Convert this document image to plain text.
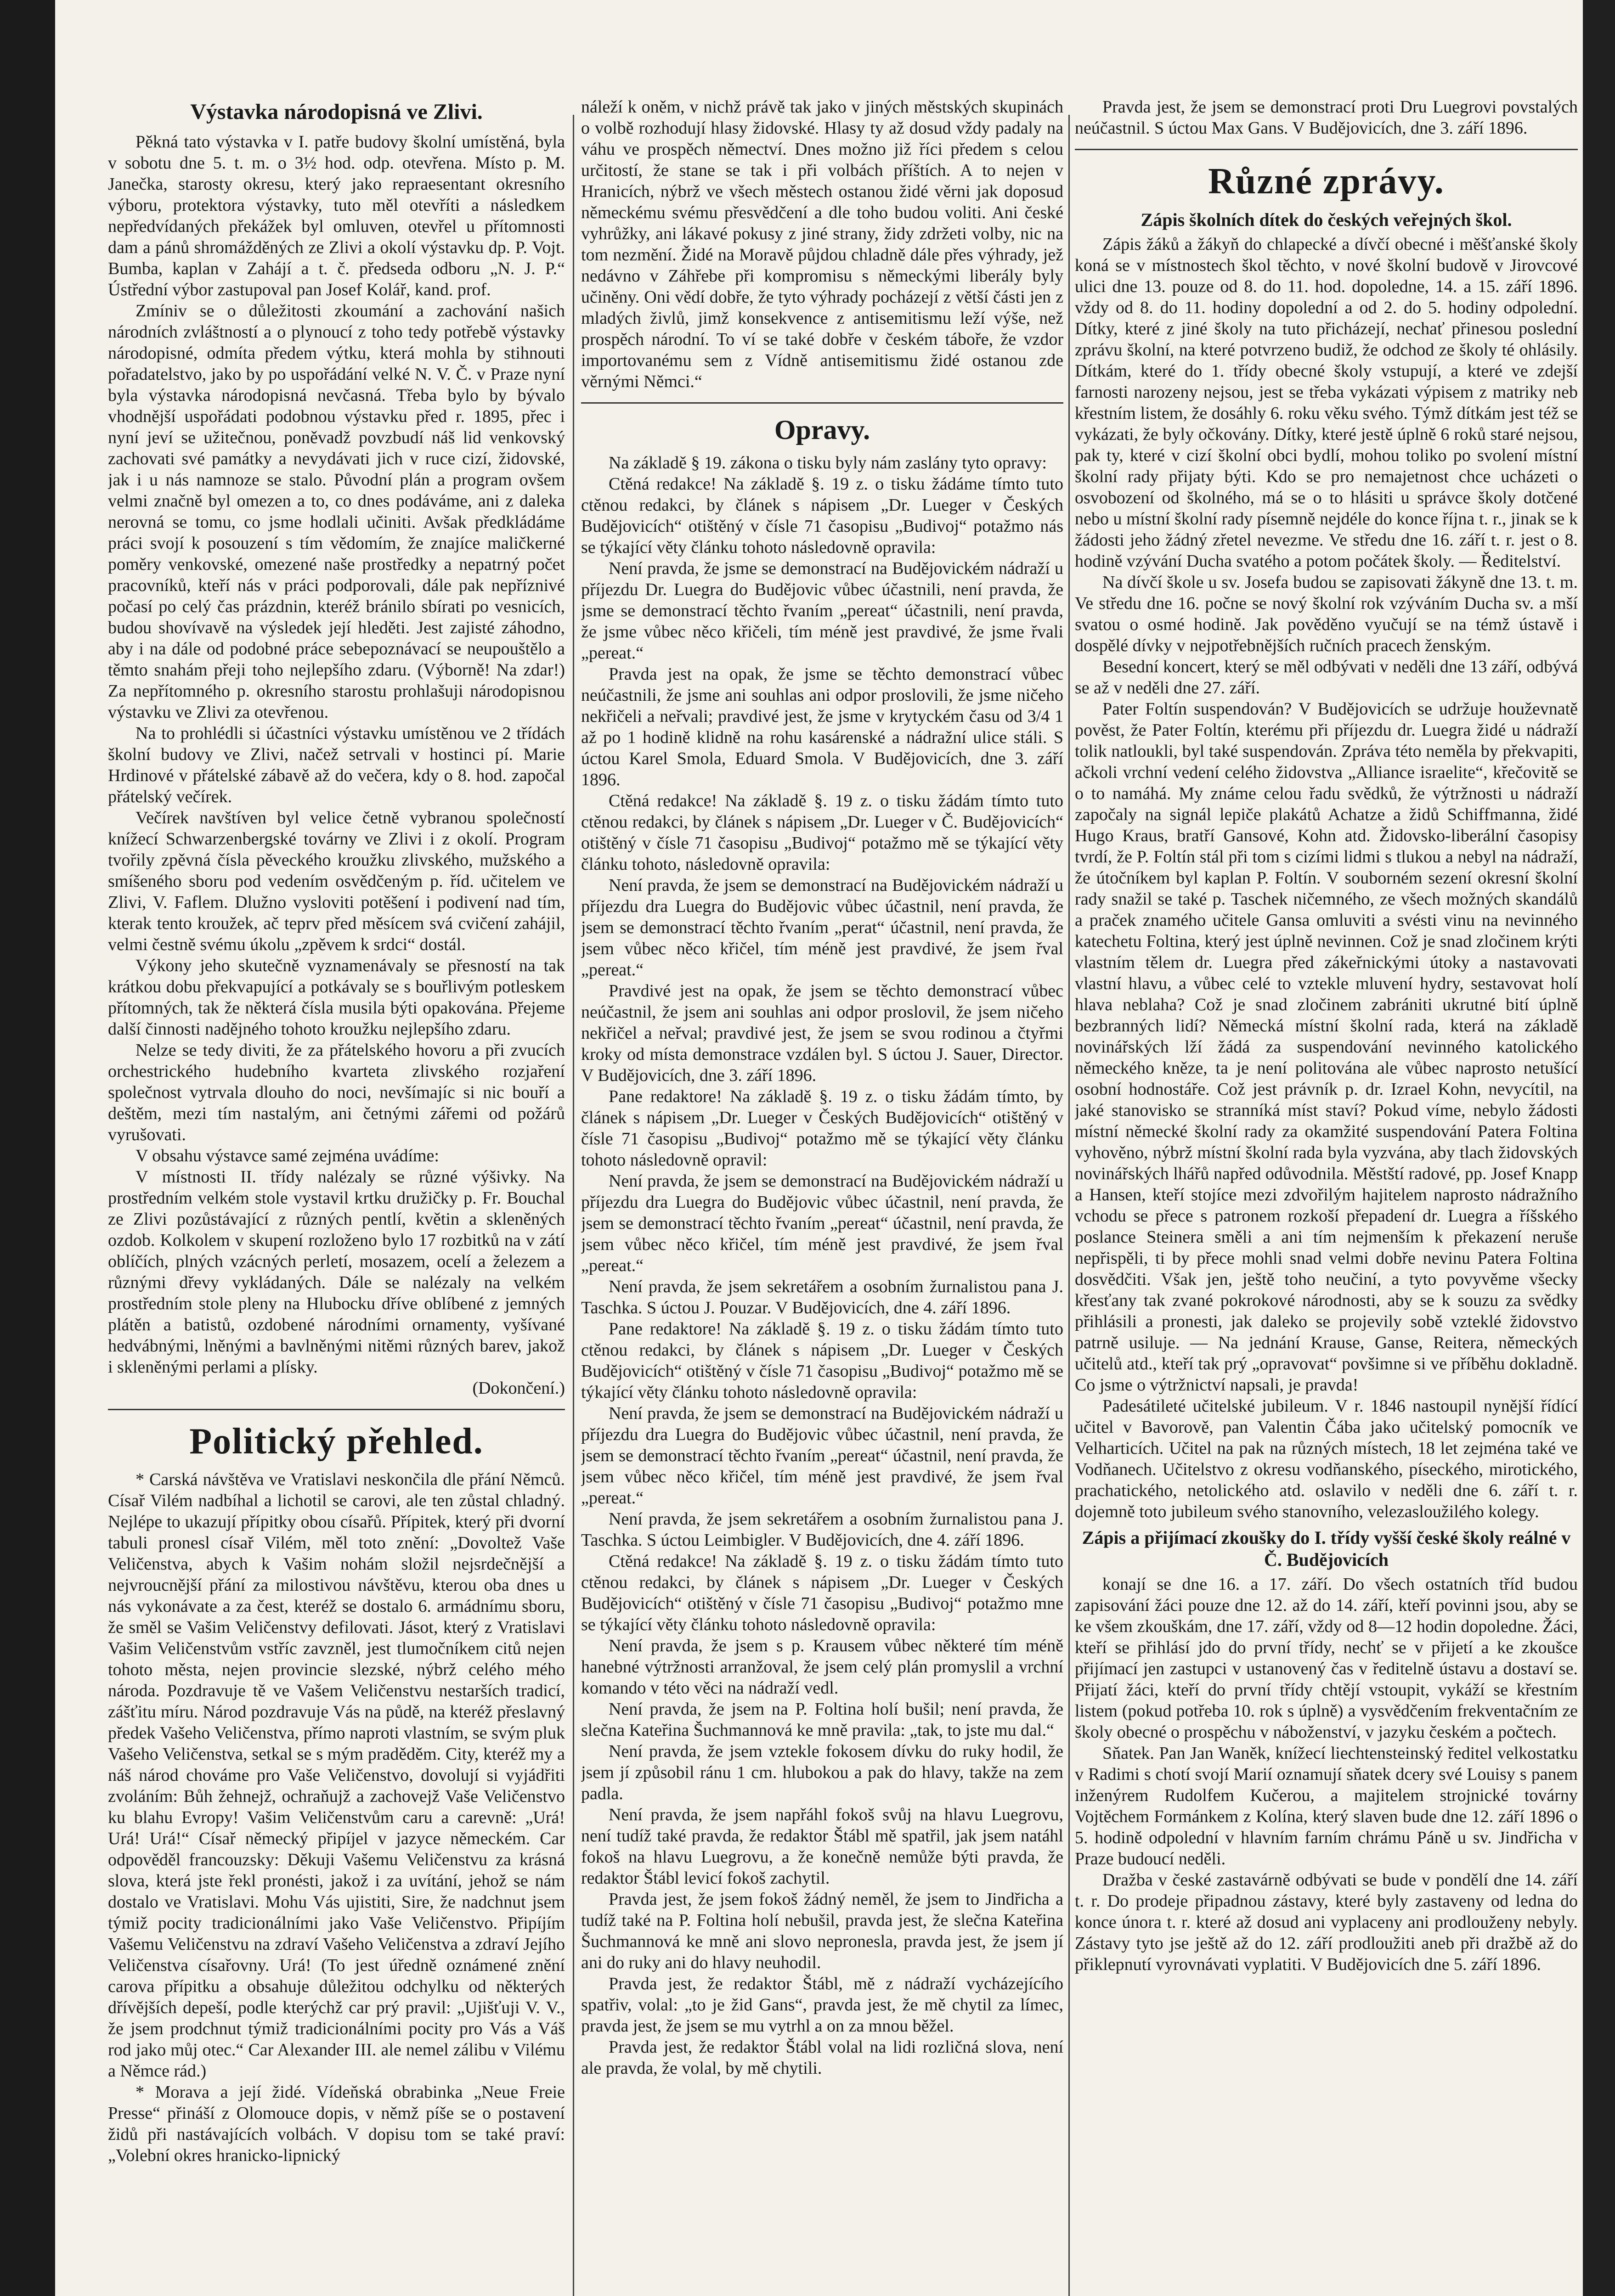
Výstavka národopisná ve Zlivi.

Pěkná tato výstavka v I. patře budovy školní umístěná, byla v sobotu dne 5. t. m. o 3½ hod. odp. otevřena. Místo p. M. Janečka, starosty okresu, který jako repraesentant okresního výboru, protektora výstavky, tuto měl otevříti a následkem nepředvídaných překážek byl omluven, otevřel u přítomnosti dam a pánů shromážděných ze Zlivi a okolí výstavku dp. P. Vojt. Bumba, kaplan v Zahájí a t. č. předseda odboru „N. J. P.“ Ústřední výbor zastupoval pan Josef Kolář, kand. prof.

Zmíniv se o důležitosti zkoumání a zachování našich národních zvláštností a o plynoucí z toho tedy potřebě výstavky národopisné, odmíta předem výtku, která mohla by stihnouti pořadatelstvo, jako by po uspořádání velké N. V. Č. v Praze nyní byla výstavka národopisná nevčasná. Třeba bylo by bývalo vhodnější uspořádati podobnou výstavku před r. 1895, přec i nyní jeví se užitečnou, poněvadž povzbudí náš lid venkovský zachovati své památky a nevydávati jich v ruce cizí, židovské, jak i u nás namnoze se stalo. Původní plán a program ovšem velmi značně byl omezen a to, co dnes podáváme, ani z daleka nerovná se tomu, co jsme hodlali učiniti. Avšak předkládáme práci svojí k posouzení s tím vědomím, že znajíce maličkerné poměry venkovské, omezené naše prostředky a nepatrný počet pracovníků, kteří nás v práci podporovali, dále pak nepříznivé počasí po celý čas prázdnin, kteréž bránilo sbírati po vesnicích, budou shovívavě na výsledek její hleděti. Jest zajisté záhodno, aby i na dále od podobné práce sebepoznávací se neupouštělo a těmto snahám přeji toho nejlepšího zdaru. (Výborně! Na zdar!) Za nepřítomného p. okresního starostu prohlašuji národopisnou výstavku ve Zlivi za otevřenou.

Na to prohlédli si účastníci výstavku umístěnou ve 2 třídách školní budovy ve Zlivi, načež setrvali v hostinci pí. Marie Hrdinové v přátelské zábavě až do večera, kdy o 8. hod. započal přátelský večírek.

Večírek navštíven byl velice četně vybranou společností knížecí Schwarzenbergské továrny ve Zlivi i z okolí. Program tvořily zpěvná čísla pěveckého kroužku zlivského, mužského a smíšeného sboru pod vedením osvědčeným p. říd. učitelem ve Zlivi, V. Faflem. Dlužno vysloviti potěšení i podivení nad tím, kterak tento kroužek, ač teprv před měsícem svá cvičení zahájil, velmi čestně svému úkolu „zpěvem k srdci“ dostál.

Výkony jeho skutečně vyznamenávaly se přesností na tak krátkou dobu překvapující a potkávaly se s bouřlivým potleskem přítomných, tak že některá čísla musila býti opakována. Přejeme další činnosti nadějného tohoto kroužku nejlepšího zdaru.

Nelze se tedy diviti, že za přátelského hovoru a při zvucích orchestrického hudebního kvarteta zlivského rozjaření společnost vytrvala dlouho do noci, nevšímajíc si nic bouří a deštěm, mezi tím nastalým, ani četnými zářemi od požárů vyrušovati.

V obsahu výstavce samé zejména uvádíme:

V místnosti II. třídy nalézaly se různé výšivky. Na prostředním velkém stole vystavil krtku družičky p. Fr. Bouchal ze Zlivi pozůstávající z různých pentlí, květin a skleněných ozdob. Kolkolem v skupení rozloženo bylo 17 rozbitků na v zátí oblíčích, plných vzácných perletí, mosazem, ocelí a železem a různými dřevy vykládaných. Dále se nalézaly na velkém prostředním stole pleny na Hlubocku dříve oblíbené z jemných plátěn a batistů, ozdobené národními ornamenty, vyšívané hedvábnými, lněnými a bavlněnými nitěmi různých barev, jakož i skleněnými perlami a plísky.

(Dokončení.)
Politický přehled.

* Carská návštěva ve Vratislavi neskončila dle přání Němců. Císař Vilém nadbíhal a lichotil se carovi, ale ten zůstal chladný. Nejlépe to ukazují přípitky obou císařů. Přípitek, který při dvorní tabuli pronesl císař Vilém, měl toto znění: „Dovoltež Vaše Veličenstva, abych k Vašim nohám složil nejsrdečnější a nejvroucnější přání za milostivou návštěvu, kterou oba dnes u nás vykonávate a za čest, kteréž se dostalo 6. armádnímu sboru, že směl se Vašim Veličenstvy defilovati. Jásot, který z Vratislavi Vašim Veličenstvům vstříc zavzněl, jest tlumočníkem citů nejen tohoto města, nejen provincie slezské, nýbrž celého mého národa. Pozdravuje tě ve Vašem Veličenstvu nestarších tradicí, zášťitu míru. Národ pozdravuje Vás na půdě, na kteréž přeslavný předek Vašeho Veličenstva, přímo naproti vlastním, se svým pluk Vašeho Veličenstva, setkal se s mým praděděm. City, kteréž my a náš národ chováme pro Vaše Veličenstvo, dovolují si vyjádřiti zvoláním: Bůh žehnejž, ochraňujž a zachovejž Vaše Veličenstvo ku blahu Evropy! Vašim Veličenstvům caru a carevně: „Urá! Urá! Urá!“ Císař německý připíjel v jazyce německém. Car odpověděl francouzsky: Děkuji Vašemu Veličenstvu za krásná slova, která jste řekl pronésti, jakož i za uvítání, jehož se nám dostalo ve Vratislavi. Mohu Vás ujistiti, Sire, že nadchnut jsem týmiž pocity tradicionálními jako Vaše Veličenstvo. Připíjím Vašemu Veličenstvu na zdraví Vašeho Veličenstva a zdraví Jejího Veličenstva císařovny. Urá! (To jest úředně oznámené znění carova přípitku a obsahuje důležitou odchylku od některých dřívějších depeší, podle kterýchž car prý pravil: „Ujišťuji V. V., že jsem prodchnut týmiž tradicionálními pocity pro Vás a Váš rod jako můj otec.“ Car Alexander III. ale nemel zálibu v Vilému a Němce rád.)

* Morava a její židé. Vídeňská obrabinka „Neue Freie Presse“ přináší z Olomouce dopis, v němž píše se o postavení židů při nastávajících volbách. V dopisu tom se také praví: „Volební okres hranicko-lipnický

náleží k oněm, v nichž právě tak jako v jiných městských skupinách o volbě rozhodují hlasy židovské. Hlasy ty až dosud vždy padaly na váhu ve prospěch němectví. Dnes možno již říci předem s celou určitostí, že stane se tak i při volbách příštích. A to nejen v Hranicích, nýbrž ve všech městech ostanou židé věrni jak doposud německému svému přesvědčení a dle toho budou voliti. Ani české vyhrůžky, ani lákavé pokusy z jiné strany, židy zdržeti volby, nic na tom nezmění. Židé na Moravě půjdou chladně dále přes výhrady, jež nedávno v Záhřebe při kompromisu s německými liberály byly učiněny. Oni vědí dobře, že tyto výhrady pocházejí z větší části jen z mladých živlů, jimž konsekvence z antisemitismu leží výše, než prospěch národní. To ví se také dobře v českém táboře, že vzdor importovanému sem z Vídně antisemitismu židé ostanou zde věrnými Němci.“

Opravy.

Na základě § 19. zákona o tisku byly nám zaslány tyto opravy:

Ctěná redakce! Na základě §. 19 z. o tisku žádáme tímto tuto ctěnou redakci, by článek s nápisem „Dr. Lueger v Českých Budějovicích“ otištěný v čísle 71 časopisu „Budivoj“ potažmo nás se týkající věty článku tohoto následovně opravila:

Není pravda, že jsme se demonstrací na Budějovickém nádraží u příjezdu Dr. Luegra do Budějovic vůbec účastnili, není pravda, že jsme se demonstrací těchto řvaním „pereat“ účastnili, není pravda, že jsme vůbec něco křičeli, tím méně jest pravdivé, že jsme řvali „pereat.“

Pravda jest na opak, že jsme se těchto demonstrací vůbec neúčastnili, že jsme ani souhlas ani odpor proslovili, že jsme ničeho nekřičeli a neřvali; pravdivé jest, že jsme v krytyckém času od 3/4 1 až po 1 hodině klidně na rohu kasárenské a nádražní ulice stáli. S úctou Karel Smola, Eduard Smola. V Budějovicích, dne 3. září 1896.

Ctěná redakce! Na základě §. 19 z. o tisku žádám tímto tuto ctěnou redakci, by článek s nápisem „Dr. Lueger v Č. Budějovicích“ otištěný v čísle 71 časopisu „Budivoj“ potažmo mě se týkající věty článku tohoto, následovně opravila:

Není pravda, že jsem se demonstrací na Budějovickém nádraží u příjezdu dra Luegra do Budějovic vůbec účastnil, není pravda, že jsem se demonstrací těchto řvaním „perat“ účastnil, není pravda, že jsem vůbec něco křičel, tím méně jest pravdivé, že jsem řval „pereat.“

Pravdivé jest na opak, že jsem se těchto demonstrací vůbec neúčastnil, že jsem ani souhlas ani odpor proslovil, že jsem ničeho nekřičel a neřval; pravdivé jest, že jsem se svou rodinou a čtyřmi kroky od místa demonstrace vzdálen byl. S úctou J. Sauer, Director. V Budějovicích, dne 3. září 1896.

Pane redaktore! Na základě §. 19 z. o tisku žádám tímto, by článek s nápisem „Dr. Lueger v Českých Budějovicích“ otištěný v čísle 71 časopisu „Budivoj“ potažmo mě se týkající věty článku tohoto následovně opravil:

Není pravda, že jsem se demonstrací na Budějovickém nádraží u příjezdu dra Luegra do Budějovic vůbec účastnil, není pravda, že jsem se demonstrací těchto řvaním „pereat“ účastnil, není pravda, že jsem vůbec něco křičel, tím méně jest pravdivé, že jsem řval „pereat.“

Není pravda, že jsem sekretářem a osobním žurnalistou pana J. Taschka. S úctou J. Pouzar. V Budějovicích, dne 4. září 1896.

Pane redaktore! Na základě §. 19 z. o tisku žádám tímto tuto ctěnou redakci, by článek s nápisem „Dr. Lueger v Českých Budějovicích“ otištěný v čísle 71 časopisu „Budivoj“ potažmo mě se týkající věty článku tohoto následovně opravila:

Není pravda, že jsem se demonstrací na Budějovickém nádraží u příjezdu dra Luegra do Budějovic vůbec účastnil, není pravda, že jsem se demonstrací těchto řvaním „pereat“ účastnil, není pravda, že jsem vůbec něco křičel, tím méně jest pravdivé, že jsem řval „pereat.“

Není pravda, že jsem sekretářem a osobním žurnalistou pana J. Taschka. S úctou Leimbigler. V Budějovicích, dne 4. září 1896.

Ctěná redakce! Na základě §. 19 z. o tisku žádám tímto tuto ctěnou redakci, by článek s nápisem „Dr. Lueger v Českých Budějovicích“ otištěný v čísle 71 časopisu „Budivoj“ potažmo mne se týkající věty článku tohoto následovně opravila:

Není pravda, že jsem s p. Krausem vůbec některé tím méně hanebné výtržnosti arranžoval, že jsem celý plán promyslil a vrchní komando v této věci na nádraží vedl.

Není pravda, že jsem na P. Foltina holí bušil; není pravda, že slečna Kateřina Šuchmannová ke mně pravila: „tak, to jste mu dal.“

Není pravda, že jsem vztekle fokosem dívku do ruky hodil, že jsem jí způsobil ránu 1 cm. hlubokou a pak do hlavy, takže na zem padla.

Není pravda, že jsem napřáhl fokoš svůj na hlavu Luegrovu, není tudíž také pravda, že redaktor Štábl mě spatřil, jak jsem natáhl fokoš na hlavu Luegrovu, a že konečně nemůže býti pravda, že redaktor Štábl levicí fokoš zachytil.

Pravda jest, že jsem fokoš žádný neměl, že jsem to Jindřicha a tudíž také na P. Foltina holí nebušil, pravda jest, že slečna Kateřina Šuchmannová ke mně ani slovo nepronesla, pravda jest, že jsem jí ani do ruky ani do hlavy neuhodil.

Pravda jest, že redaktor Štábl, mě z nádraží vycházejícího spatřiv, volal: „to je žid Gans“, pravda jest, že mě chytil za límec, pravda jest, že jsem se mu vytrhl a on za mnou běžel.

Pravda jest, že redaktor Štábl volal na lidi rozličná slova, není ale pravda, že volal, by mě chytili.

Pravda jest, že jsem se demonstrací proti Dru Luegrovi povstalých neúčastnil. S úctou Max Gans. V Budějovicích, dne 3. září 1896.

Různé zprávy.
Zápis školních dítek do českých veřejných škol.

Zápis žáků a žákyň do chlapecké a dívčí obecné i měšťanské školy koná se v místnostech škol těchto, v nové školní budově v Jirovcové ulici dne 13. pouze od 8. do 11. hod. dopoledne, 14. a 15. září 1896. vždy od 8. do 11. hodiny dopolední a od 2. do 5. hodiny odpolední. Dítky, které z jiné školy na tuto přicházejí, nechať přinesou poslední zprávu školní, na které potvrzeno budiž, že odchod ze školy té ohlásily. Dítkám, které do 1. třídy obecné školy vstupují, a které ve zdejší farnosti narozeny nejsou, jest se třeba vykázati výpisem z matriky neb křestním listem, že dosáhly 6. roku věku svého. Týmž dítkám jest též se vykázati, že byly očkovány. Dítky, které jestě úplně 6 roků staré nejsou, pak ty, které v cizí školní obci bydlí, mohou toliko po svolení místní školní rady přijaty býti. Kdo se pro nemajetnost chce ucházeti o osvobození od školného, má se o to hlásiti u správce školy dotčené nebo u místní školní rady písemně nejdéle do konce října t. r., jinak se k žádosti jeho žádný zřetel nevezme. Ve středu dne 16. září t. r. jest o 8. hodině vzývání Ducha svatého a potom počátek školy. — Ředitelství.

Na dívčí škole u sv. Josefa budou se zapisovati žákyně dne 13. t. m. Ve středu dne 16. počne se nový školní rok vzýváním Ducha sv. a mší svatou o osmé hodině. Jak pověděno vyučují se na témž ústavě i dospělé dívky v nejpotřebnějších ručních pracech ženským.

Besední koncert, který se měl odbývati v neděli dne 13 září, odbývá se až v neděli dne 27. září.

Pater Foltín suspendován? V Budějovicích se udržuje houževnatě pověst, že Pater Foltín, kterému při příjezdu dr. Luegra židé u nádraží tolik natloukli, byl také suspendován. Zpráva této neměla by překvapiti, ačkoli vrchní vedení celého židovstva „Alliance israelite“, křečovitě se o to namáhá. My známe celou řadu svědků, že výtržnosti u nádraží započaly na signál lepiče plakátů Achatze a židů Schiffmanna, židé Hugo Kraus, bratří Gansové, Kohn atd. Židovsko-liberální časopisy tvrdí, že P. Foltín stál při tom s cizími lidmi s tlukou a nebyl na nádraží, že útočníkem byl kaplan P. Foltín. V souborném sezení okresní školní rady snažil se také p. Taschek ničemného, ze všech možných skandálů a praček znamého učitele Gansa omluviti a svésti vinu na nevinného katechetu Foltina, který jest úplně nevinnen. Což je snad zločinem krýti vlastním tělem dr. Luegra před zákeřnickými útoky a nastavovati vlastní hlavu, a vůbec celé to vztekle mluvení hydry, sestavovat holí hlava neblaha? Což je snad zločinem zabrániti ukrutné bití úplně bezbranných lidí? Německá místní školní rada, která na základě novinářských lží žádá za suspendování nevinného katolického německého kněze, ta je není politována ale vůbec naprosto netušící osobní hodnostáře. Což jest právník p. dr. Izrael Kohn, nevycítil, na jaké stanovisko se stranníká míst staví? Pokud víme, nebylo žádosti místní německé školní rady za okamžité suspendování Patera Foltina vyhověno, nýbrž místní školní rada byla vyzvána, aby tlach židovských novinářských lhářů napřed odůvodnila. Městští radové, pp. Josef Knapp a Hansen, kteří stojíce mezi zdvořilým hajitelem naprosto nádražního vchodu se přece s patronem rozkoší přepadení dr. Luegra a říšského poslance Steinera směli a ani tím nejmenším k překazení neruše nepřispěli, ti by přece mohli snad velmi dobře nevinu Patera Foltina dosvědčiti. Však jen, ještě toho neučiní, a tyto povyvěme všecky křesťany tak zvané pokrokové národnosti, aby se k souzu za svědky přihlásili a pronesti, jak daleko se projevily sobě vzteklé židovstvo patrně usiluje. — Na jednání Krause, Ganse, Reitera, německých učitelů atd., kteří tak prý „opravovat“ povšimne si ve příběhu dokladně. Co jsme o výtržnictví napsali, je pravda!

Padesátileté učitelské jubileum. V r. 1846 nastoupil nynější řídící učitel v Bavorově, pan Valentin Čába jako učitelský pomocník ve Velharticích. Učitel na pak na různých místech, 18 let zejména také ve Vodňanech. Učitelstvo z okresu vodňanského, píseckého, mirotického, prachatického, netolického atd. oslavilo v neděli dne 6. září t. r. dojemně toto jubileum svého stanovního, velezasloužilého kolegy.

Zápis a přijímací zkoušky do I. třídy vyšší české školy reálné v Č. Budějovicích

konají se dne 16. a 17. září. Do všech ostatních tříd budou zapisování žáci pouze dne 12. až do 14. září, kteří povinni jsou, aby se ke všem zkouškám, dne 17. září, vždy od 8—12 hodin dopoledne. Žáci, kteří se přihlásí jdo do první třídy, nechť se v přijetí a ke zkoušce přijímací jen zastupci v ustanovený čas v ředitelně ústavu a dostaví se. Přijatí žáci, kteří do první třídy chtějí vstoupit, vykáží se křestním listem (pokud potřeba 10. rok s úplně) a vysvědčením frekventačním ze školy obecné o prospěchu v náboženství, v jazyku českém a počtech.

Sňatek. Pan Jan Waněk, knížecí liechtensteinský ředitel velkostatku v Radimi s chotí svojí Marií oznamují sňatek dcery své Louisy s panem inženýrem Rudolfem Kučerou, a majitelem strojnické továrny Vojtěchem Formánkem z Kolína, který slaven bude dne 12. září 1896 o 5. hodině odpolední v hlavním farním chrámu Páně u sv. Jindřicha v Praze budoucí neděli.

Dražba v české zastavárně odbývati se bude v pondělí dne 14. září t. r. Do prodeje připadnou zástavy, které byly zastaveny od ledna do konce února t. r. které až dosud ani vyplaceny ani prodlouženy nebyly. Zástavy tyto jse ještě až do 12. září prodloužiti aneb při dražbě až do přiklepnutí vyrovnávati vyplatiti. V Budějovicích dne 5. září 1896.
